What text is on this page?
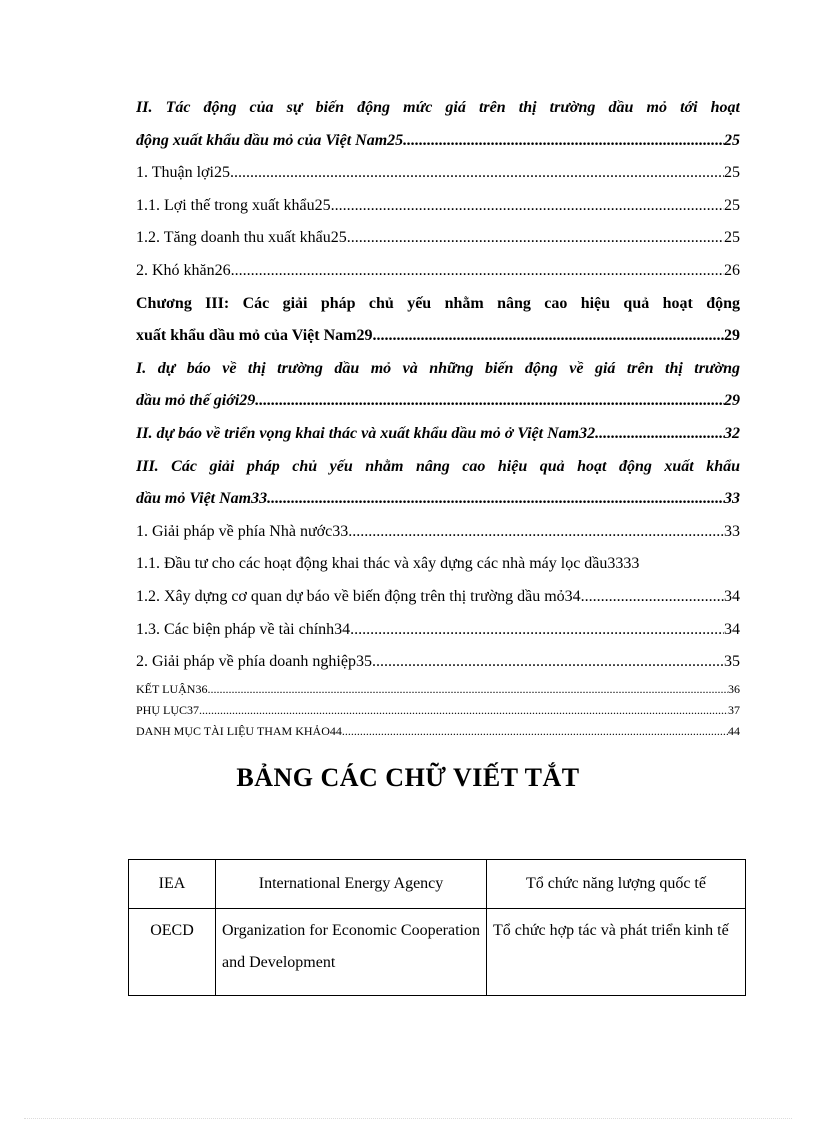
II. Tác động của sự biến động mức giá trên thị trường dầu mỏ tới hoạt
động xuất khẩu dầu mỏ của Việt Nam25 .....	25
1. Thuận lợi25 .....	25
1.1. Lợi thế trong xuất khẩu25 .....	25
1.2. Tăng doanh thu xuất khẩu25 .....	25
2. Khó khăn26 .....	26
Chương III: Các giải pháp chủ yếu nhằm nâng cao hiệu quả hoạt động
xuất khẩu dầu mỏ của Việt Nam29 .....	29
I. dự báo về thị trường dầu mỏ và những biến động về giá trên thị trường
dầu mỏ thế giới29 .....	29
II. dự báo về triển vọng khai thác và xuất khẩu dầu mỏ ở Việt Nam32 .....	32
III. Các giải pháp chủ yếu nhằm nâng cao hiệu quả hoạt động xuất khẩu
dầu mỏ Việt Nam33 .....	33
1. Giải pháp về phía Nhà nước33 .....	33
1.1. Đầu tư cho các hoạt động khai thác và xây dựng các nhà máy lọc dầu33 33
1.2. Xây dựng cơ quan dự báo về biến động trên thị trường dầu mỏ34 .....	34
1.3. Các biện pháp về tài chính34 .....	34
2. Giải pháp về phía doanh nghiệp35 .....	35
KẾT LUẬN36 .....	36
PHỤ LỤC37 .....	37
DANH MỤC TÀI LIỆU THAM KHẢO44 .....	44
BẢNG CÁC CHỮ VIẾT TẮT
IEA	International Energy Agency	Tổ chức năng lượng quốc tế
OECD	Organization for Economic Cooperation and Development	Tổ chức hợp tác và phát triển kinh tế
